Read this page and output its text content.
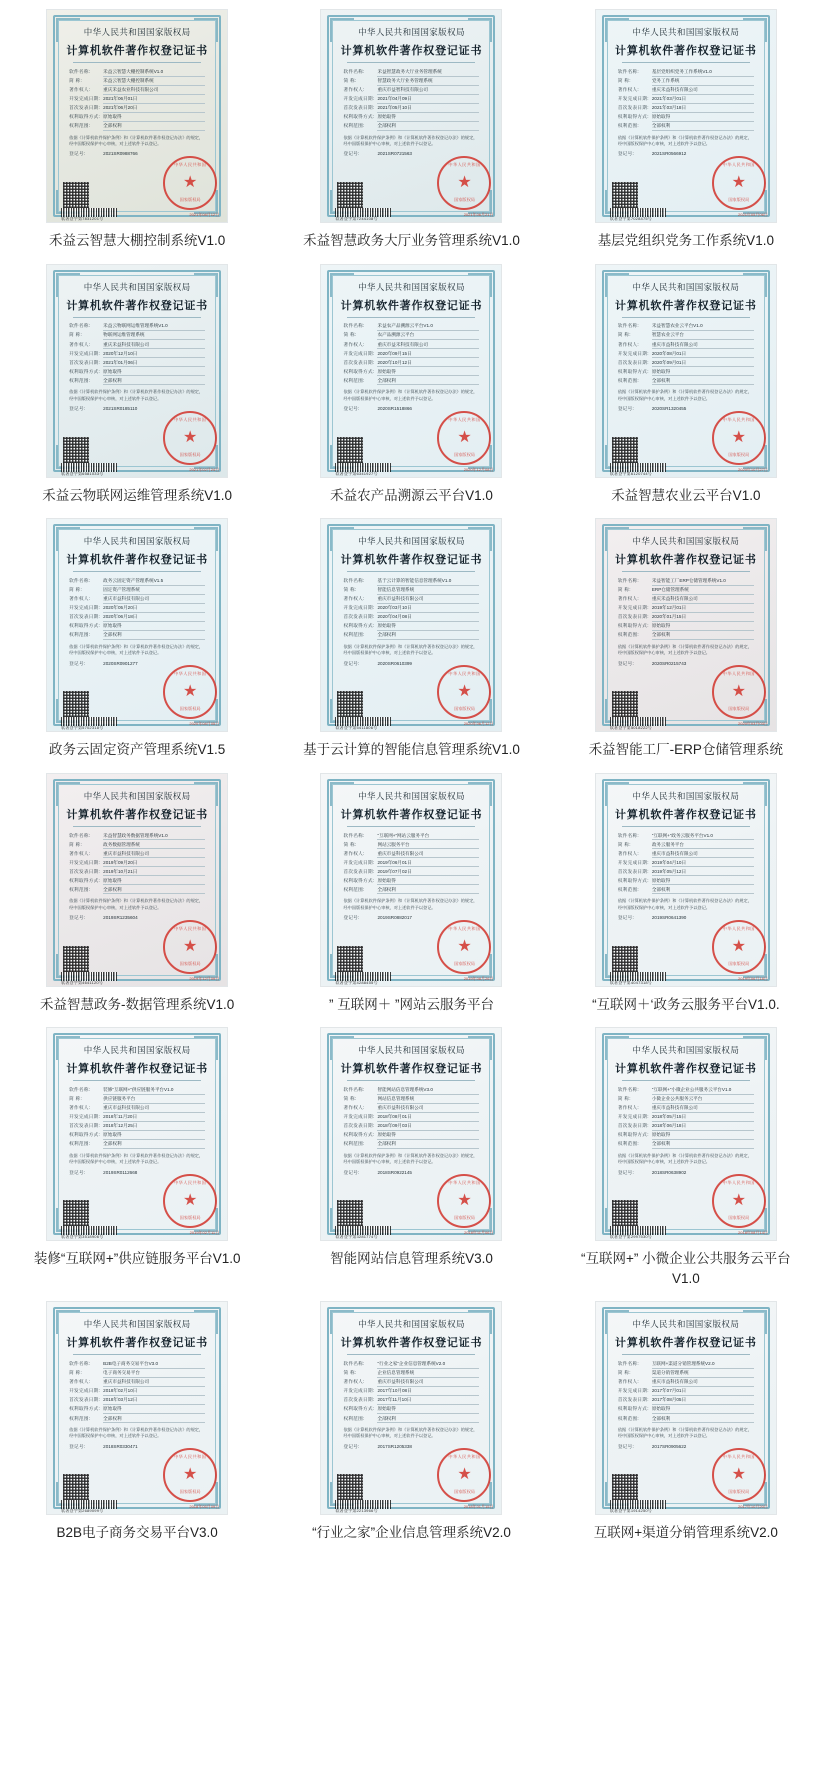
软著登字第7831201号
中华人民共和国
★
国家版权局
2021年08月12日
中华人民共和国国家版权局
计算机软件著作权登记证书
软件名称:	禾益云智慧大棚控制系统V1.0
简 称:	禾益云智慧大棚控制系统
著作权人:	重庆禾益农业科技有限公司
开发完成日期: 2021年06月01日
首次发表日期: 2021年06月20日
权利取得方式: 原始取得
权利范围:	全部权利
依据《计算机软件保护条例》和《计算机软件著作权登记办法》的规定，经中国版权保护中心审核，对上述软件予以登记。
登记号:	2021SR0988766
禾益云智慧大棚控制系统V1.0
软著登字第7244108号
中华人民共和国
★
国家版权局
2021年06月21日
中华人民共和国国家版权局
计算机软件著作权登记证书
软件名称:	禾益智慧政务大厅业务管理系统
简 称:	智慧政务大厅业务管理系统
著作权人:	重庆市益智科技有限公司
开发完成日期: 2021年04月09日
首次发表日期: 2021年05月10日
权利取得方式: 原始取得
权利范围:	全部权利
依据《计算机软件保护条例》和《计算机软件著作权登记办法》的规定，经中国版权保护中心审核，对上述软件予以登记。
登记号:	2021SR0721563
禾益智慧政务大厅业务管理系统V1.0
软著登字第7028475号
中华人民共和国
★
国家版权局
2021年05月06日
中华人民共和国国家版权局
计算机软件著作权登记证书
软件名称:	基层党组织党务工作系统V1.0
简 称:	党务工作系统
著作权人:	重庆禾益科技有限公司
开发完成日期: 2021年03月01日
首次发表日期: 2021年03月18日
权利取得方式: 原始取得
权利范围:	全部权利
依据《计算机软件保护条例》和《计算机软件著作权登记办法》的规定，经中国版权保护中心审核，对上述软件予以登记。
登记号:	2021SR0566912
基层党组织党务工作系统V1.0
软著登字第6581033号
中华人民共和国
★
国家版权局
2021年02月24日
中华人民共和国国家版权局
计算机软件著作权登记证书
软件名称:	禾益云物联网运维管理系统V1.0
简 称:	物联网运维管理系统
著作权人:	重庆禾益科技有限公司
开发完成日期: 2020年12月10日
首次发表日期: 2021年01月06日
权利取得方式: 原始取得
权利范围:	全部权利
依据《计算机软件保护条例》和《计算机软件著作权登记办法》的规定，经中国版权保护中心审核，对上述软件予以登记。
登记号:	2021SR0185110
禾益云物联网运维管理系统V1.0
软著登字第6341927号
中华人民共和国
★
国家版权局
2020年12月08日
中华人民共和国国家版权局
计算机软件著作权登记证书
软件名称:	禾益农产品溯源云平台V1.0
简 称:	农产品溯源云平台
著作权人:	重庆市益禾科技有限公司
开发完成日期: 2020年09月15日
首次发表日期: 2020年10月12日
权利取得方式: 原始取得
权利范围:	全部权利
依据《计算机软件保护条例》和《计算机软件著作权登记办法》的规定，经中国版权保护中心审核，对上述软件予以登记。
登记号:	2020SR1518866
禾益农产品溯源云平台V1.0
软著登字第6120744号
中华人民共和国
★
国家版权局
2020年10月27日
中华人民共和国国家版权局
计算机软件著作权登记证书
软件名称:	禾益智慧农业云平台V1.0
简 称:	智慧农业云平台
著作权人:	重庆市益科技有限公司
开发完成日期: 2020年08月01日
首次发表日期: 2020年09月01日
权利取得方式: 原始取得
权利范围:	全部权利
依据《计算机软件保护条例》和《计算机软件著作权登记办法》的规定，经中国版权保护中心审核，对上述软件予以登记。
登记号:	2020SR1320455
禾益智慧农业云平台V1.0
软著登字第5702318号
中华人民共和国
★
国家版权局
2020年08月05日
中华人民共和国国家版权局
计算机软件著作权登记证书
软件名称:	政务云固定资产管理系统V1.5
简 称:	固定资产管理系统
著作权人:	重庆市益科技有限公司
开发完成日期: 2020年05月20日
首次发表日期: 2020年06月18日
权利取得方式: 原始取得
权利范围:	全部权利
依据《计算机软件保护条例》和《计算机软件著作权登记办法》的规定，经中国版权保护中心审核，对上述软件予以登记。
登记号:	2020SR0901277
政务云固定资产管理系统V1.5
软著登字第5411806号
中华人民共和国
★
国家版权局
2020年06月12日
中华人民共和国国家版权局
计算机软件著作权登记证书
软件名称:	基于云计算的智能信息管理系统V1.0
简 称:	智能信息管理系统
著作权人:	重庆市益科技有限公司
开发完成日期: 2020年03月10日
首次发表日期: 2020年04月08日
权利取得方式: 原始取得
权利范围:	全部权利
依据《计算机软件保护条例》和《计算机软件著作权登记办法》的规定，经中国版权保护中心审核，对上述软件予以登记。
登记号:	2020SR0610399
基于云计算的智能信息管理系统V1.0
软著登字第5018222号
中华人民共和国
★
国家版权局
2020年03月03日
中华人民共和国国家版权局
计算机软件著作权登记证书
软件名称:	禾益智能工厂ERP仓储管理系统V1.0
简 称:	ERP仓储管理系统
著作权人:	重庆禾益科技有限公司
开发完成日期: 2019年12月01日
首次发表日期: 2020年01月15日
权利取得方式: 原始取得
权利范围:	全部权利
依据《计算机软件保护条例》和《计算机软件著作权登记办法》的规定，经中国版权保护中心审核，对上述软件予以登记。
登记号:	2020SR0215743
禾益智能工厂-ERP仓储管理系统
软著登字第4641120号
中华人民共和国
★
国家版权局
2019年12月09日
中华人民共和国国家版权局
计算机软件著作权登记证书
软件名称:	禾益智慧政务数据管理系统V1.0
简 称:	政务数据管理系统
著作权人:	重庆市益科技有限公司
开发完成日期: 2019年09月20日
首次发表日期: 2019年10月21日
权利取得方式: 原始取得
权利范围:	全部权利
依据《计算机软件保护条例》和《计算机软件著作权登记办法》的规定，经中国版权保护中心审核，对上述软件予以登记。
登记号:	2019SR1235604
禾益智慧政务-数据管理系统V1.0
软著登字第4288455号
中华人民共和国
★
国家版权局
2019年08月26日
中华人民共和国国家版权局
计算机软件著作权登记证书
软件名称:	“互联网+”网站云服务平台
简 称:	网站云服务平台
著作权人:	重庆市益科技有限公司
开发完成日期: 2019年06月01日
首次发表日期: 2019年07月02日
权利取得方式: 原始取得
权利范围:	全部权利
依据《计算机软件保护条例》和《计算机软件著作权登记办法》的规定，经中国版权保护中心审核，对上述软件予以登记。
登记号:	2019SR0882017
” 互联网＋ ”网站云服务平台
软著登字第4047318号
中华人民共和国
★
国家版权局
2019年06月18日
中华人民共和国国家版权局
计算机软件著作权登记证书
软件名称:	“互联网+”政务云服务平台V1.0
简 称:	政务云服务平台
著作权人:	重庆市益科技有限公司
开发完成日期: 2019年04月10日
首次发表日期: 2019年05月12日
权利取得方式: 原始取得
权利范围:	全部权利
依据《计算机软件保护条例》和《计算机软件著作权登记办法》的规定，经中国版权保护中心审核，对上述软件予以登记。
登记号:	2019SR0641390
“互联网＋‘政务云服务平台V1.0.
软著登字第3518906号
中华人民共和国
★
国家版权局
2019年02月11日
中华人民共和国国家版权局
计算机软件著作权登记证书
软件名称:	装修“互联网+”供应链服务平台V1.0
简 称:	供应链服务平台
著作权人:	重庆市益科技有限公司
开发完成日期: 2018年11月20日
首次发表日期: 2018年12月25日
权利取得方式: 原始取得
权利范围:	全部权利
依据《计算机软件保护条例》和《计算机软件著作权登记办法》的规定，经中国版权保护中心审核，对上述软件予以登记。
登记号:	2019SR0112668
装修“互联网+”供应链服务平台V1.0
软著登字第3281774号
中华人民共和国
★
国家版权局
2018年11月06日
中华人民共和国国家版权局
计算机软件著作权登记证书
软件名称:	智能网站信息管理系统V3.0
简 称:	网站信息管理系统
著作权人:	重庆市益科技有限公司
开发完成日期: 2018年08月01日
首次发表日期: 2018年09月03日
权利取得方式: 原始取得
权利范围:	全部权利
依据《计算机软件保护条例》和《计算机软件著作权登记办法》的规定，经中国版权保护中心审核，对上述软件予以登记。
登记号:	2018SR0922145
智能网站信息管理系统V3.0
软著登字第2997530号
中华人民共和国
★
国家版权局
2018年08月14日
中华人民共和国国家版权局
计算机软件著作权登记证书
软件名称:	“互联网+”小微企业公共服务云平台V1.0
简 称:	小微企业公共服务云平台
著作权人:	重庆市益科技有限公司
开发完成日期: 2018年05月15日
首次发表日期: 2018年06月18日
权利取得方式: 原始取得
权利范围:	全部权利
依据《计算机软件保护条例》和《计算机软件著作权登记办法》的规定，经中国版权保护中心审核，对上述软件予以登记。
登记号:	2018SR0638902
“互联网+” 小微企业公共服务云平台V1.0
软著登字第2689099号
中华人民共和国
★
国家版权局
2018年05月09日
中华人民共和国国家版权局
计算机软件著作权登记证书
软件名称:	B2B电子商务交易平台V3.0
简 称:	电子商务交易平台
著作权人:	重庆市益科技有限公司
开发完成日期: 2018年02月10日
首次发表日期: 2018年03月12日
权利取得方式: 原始取得
权利范围:	全部权利
依据《计算机软件保护条例》和《计算机软件著作权登记办法》的规定，经中国版权保护中心审核，对上述软件予以登记。
登记号:	2018SR0330471
B2B电子商务交易平台V3.0
软著登字第2213966号
中华人民共和国
★
国家版权局
2018年01月15日
中华人民共和国国家版权局
计算机软件著作权登记证书
软件名称:	“行业之家”企业信息管理系统V2.0
简 称:	企业信息管理系统
著作权人:	重庆市益科技有限公司
开发完成日期: 2017年10月08日
首次发表日期: 2017年11月10日
权利取得方式: 原始取得
权利范围:	全部权利
依据《计算机软件保护条例》和《计算机软件著作权登记办法》的规定，经中国版权保护中心审核，对上述软件予以登记。
登记号:	2017SR1205338
“行业之家”企业信息管理系统V2.0
软著登字第1914250号
中华人民共和国
★
国家版权局
2017年10月20日
中华人民共和国国家版权局
计算机软件著作权登记证书
软件名称:	互联网+渠道分销管理系统V2.0
简 称:	渠道分销管理系统
著作权人:	重庆市益科技有限公司
开发完成日期: 2017年07月01日
首次发表日期: 2017年08月05日
权利取得方式: 原始取得
权利范围:	全部权利
依据《计算机软件保护条例》和《计算机软件著作权登记办法》的规定，经中国版权保护中心审核，对上述软件予以登记。
登记号:	2017SR0905622
互联网+渠道分销管理系统V2.0
